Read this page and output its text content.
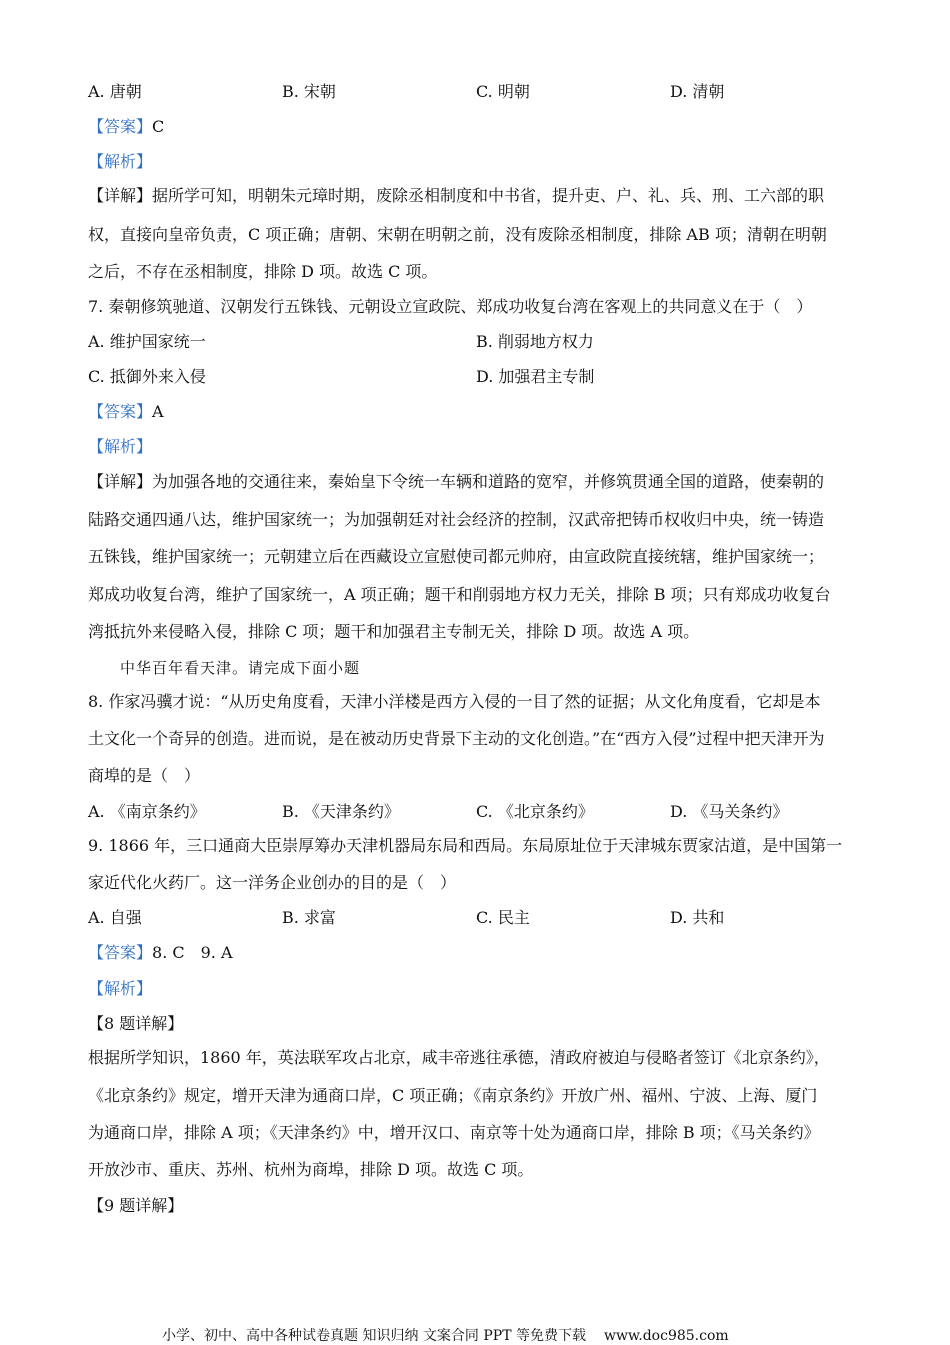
A. 唐朝	B. 宋朝	C. 明朝	D. 清朝
【答案】C
【解析】
【详解】据所学可知，明朝朱元璋时期，废除丞相制度和中书省，提升吏、户、礼、兵、刑、工六部的职
权，直接向皇帝负责，C 项正确；唐朝、宋朝在明朝之前，没有废除丞相制度，排除 AB 项；清朝在明朝
之后，不存在丞相制度，排除 D 项。故选 C 项。
7. 秦朝修筑驰道、汉朝发行五铢钱、元朝设立宣政院、郑成功收复台湾在客观上的共同意义在于（　）
A. 维护国家统一	B. 削弱地方权力
C. 抵御外来入侵	D. 加强君主专制
【答案】A
【解析】
【详解】为加强各地的交通往来，秦始皇下令统一车辆和道路的宽窄，并修筑贯通全国的道路，使秦朝的
陆路交通四通八达，维护国家统一；为加强朝廷对社会经济的控制，汉武帝把铸币权收归中央，统一铸造
五铢钱，维护国家统一；元朝建立后在西藏设立宣慰使司都元帅府，由宣政院直接统辖，维护国家统一；
郑成功收复台湾，维护了国家统一，A 项正确；题干和削弱地方权力无关，排除 B 项；只有郑成功收复台
湾抵抗外来侵略入侵，排除 C 项；题干和加强君主专制无关，排除 D 项。故选 A 项。
中华百年看天津。请完成下面小题
8. 作家冯骥才说：“从历史角度看，天津小洋楼是西方入侵的一目了然的证据；从文化角度看，它却是本
土文化一个奇异的创造。进而说，是在被动历史背景下主动的文化创造。”在“西方入侵”过程中把天津开为
商埠的是（　）
A. 《南京条约》	B. 《天津条约》	C. 《北京条约》	D. 《马关条约》
9. 1866 年，三口通商大臣崇厚筹办天津机器局东局和西局。东局原址位于天津城东贾家沽道，是中国第一
家近代化火药厂。这一洋务企业创办的目的是（　）
A. 自强	B. 求富	C. 民主	D. 共和
【答案】8. C　9. A
【解析】
【8 题详解】
根据所学知识，1860 年，英法联军攻占北京，咸丰帝逃往承德，清政府被迫与侵略者签订《北京条约》，
《北京条约》规定，增开天津为通商口岸，C 项正确；《南京条约》开放广州、福州、宁波、上海、厦门
为通商口岸，排除 A 项；《天津条约》中，增开汉口、南京等十处为通商口岸，排除 B 项；《马关条约》
开放沙市、重庆、苏州、杭州为商埠，排除 D 项。故选 C 项。
【9 题详解】
小学、初中、高中各种试卷真题 知识归纳 文案合同 PPT 等免费下载 www.doc985.com
